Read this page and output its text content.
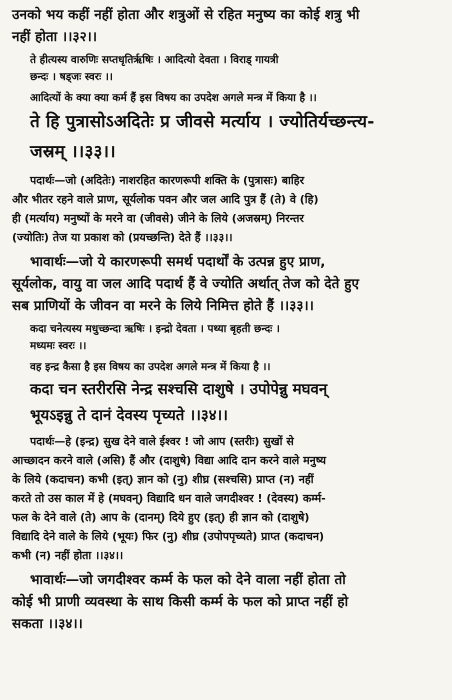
उनको भय कहीं नहीं होता और शत्रुओं से रहित मनुष्य का कोई शत्रु भी
नहीं होता ।।३२।।
ते हीत्यस्य वारुणिः सप्तधृतिर्ऋषिः । आदित्यो देवता । विराड् गायत्री
छन्दः । षड्जः स्वरः ।।
आदित्यों के क्या क्या कर्म हैं इस विषय का उपदेश अगले मन्त्र में किया है ।।
ते हि पुत्रासोऽअदितेः प्र जीवसे मर्त्याय । ज्योतिर्यच्छन्त्य-
जस्रम् ।।३३।।
पदार्थः—जो (अदितेः) नाशरहित कारणरूपी शक्ति के (पुत्रासः) बाहिर
और भीतर रहने वाले प्राण, सूर्यलोक पवन और जल आदि पुत्र हैं (ते) वे (हि)
ही (मर्त्याय) मनुष्यों के मरने वा (जीवसे) जीने के लिये (अजस्रम्) निरन्तर
(ज्योतिः) तेज या प्रकाश को (प्रयच्छन्ति) देते हैं ।।३३।।
भावार्थः—जो ये कारणरूपी समर्थ पदार्थों के उत्पन्न हुए प्राण,
सूर्यलोक, वायु वा जल आदि पदार्थ हैं वे ज्योति अर्थात् तेज को देते हुए
सब प्राणियों के जीवन वा मरने के लिये निमित्त होते हैं ।।३३।।
कदा चनेत्यस्य मधुच्छन्दा ऋषिः । इन्द्रो देवता । पथ्या बृहती छन्दः ।
मध्यमः स्वरः ।।
वह इन्द्र कैसा है इस विषय का उपदेश अगले मन्त्र में किया है ।।
कदा चन स्तरीरसि नेन्द्र सश्चसि दाशुषे । उपोपेन्नु मघवन्
भूयऽइन्नु ते दानं देवस्य पृच्यते ।।३४।।
पदार्थः—हे (इन्द्र) सुख देने वाले ईश्वर ! जो आप (स्तरीः) सुखों से
आच्छादन करने वाले (असि) हैं और (दाशुषे) विद्या आदि दान करने वाले मनुष्य
के लिये (कदाचन) कभी (इत्) ज्ञान को (नु) शीघ्र (सश्चसि) प्राप्त (न) नहीं
करते तो उस काल में हे (मघवन्) विद्यादि धन वाले जगदीश्वर ! (देवस्य) कर्म्म-
फल के देने वाले (ते) आप के (दानम्) दिये हुए (इत्) ही ज्ञान को (दाशुषे)
विद्यादि देने वाले के लिये (भूयः) फिर (नु) शीघ्र (उपोपपृच्यते) प्राप्त (कदाचन)
कभी (न) नहीं होता ।।३४।।
भावार्थः—जो जगदीश्वर कर्म्म के फल को देने वाला नहीं होता तो
कोई भी प्राणी व्यवस्था के साथ किसी कर्म्म के फल को प्राप्त नहीं हो
सकता ।।३४।।
